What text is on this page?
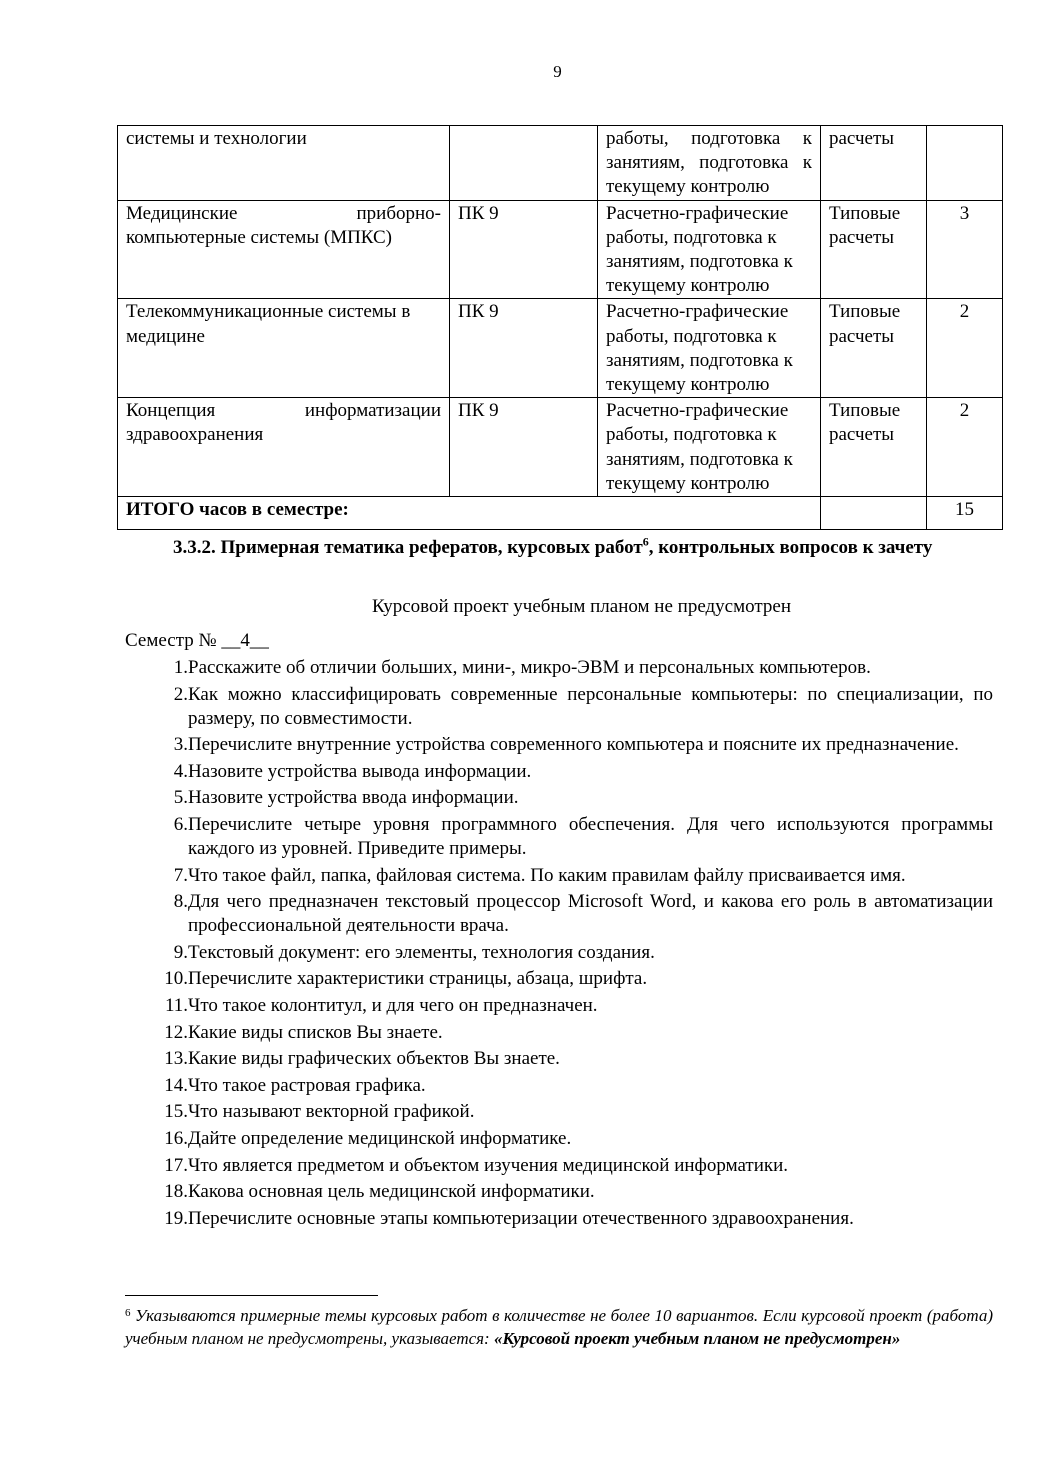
9
системы и технологии		работы, подготовка к занятиям, подготовка к текущему контролю	расчеты	
Медицинские приборно-компьютерные системы (МПКС)	ПК 9	Расчетно-графические работы, подготовка к занятиям, подготовка к текущему контролю	Типовые расчеты	3
Телекоммуникационные системы в медицине	ПК 9	Расчетно-графические работы, подготовка к занятиям, подготовка к текущему контролю	Типовые расчеты	2
Концепция информатизации здравоохранения	ПК 9	Расчетно-графические работы, подготовка к занятиям, подготовка к текущему контролю	Типовые расчеты	2
ИТОГО часов в семестре:				15
3.3.2. Примерная тематика рефератов, курсовых работ$^6$, контрольных вопросов к зачету
Курсовой проект учебным планом не предусмотрен
Семестр № __4__
1. Расскажите об отличии больших, мини-, микро-ЭВМ и персональных компьютеров.
2. Как можно классифицировать современные персональные компьютеры: по специализации, по размеру, по совместимости.
3. Перечислите внутренние устройства современного компьютера и поясните их предназначение.
4. Назовите устройства вывода информации.
5. Назовите устройства ввода информации.
6. Перечислите четыре уровня программного обеспечения. Для чего используются программы каждого из уровней. Приведите примеры.
7. Что такое файл, папка, файловая система. По каким правилам файлу присваивается имя.
8. Для чего предназначен текстовый процессор Microsoft Word, и какова его роль в автоматизации профессиональной деятельности врача.
9. Текстовый документ: его элементы, технология создания.
10. Перечислите характеристики страницы, абзаца, шрифта.
11. Что такое колонтитул, и для чего он предназначен.
12. Какие виды списков Вы знаете.
13. Какие виды графических объектов Вы знаете.
14. Что такое растровая графика.
15. Что называют векторной графикой.
16. Дайте определение медицинской информатике.
17. Что является предметом и объектом изучения медицинской информатики.
18. Какова основная цель медицинской информатики.
19. Перечислите основные этапы компьютеризации отечественного здравоохранения.
$^6$ Указываются примерные темы курсовых работ в количестве не более 10 вариантов. Если курсовой проект (работа) учебным планом не предусмотрены, указывается: «Курсовой проект учебным планом не предусмотрен»
